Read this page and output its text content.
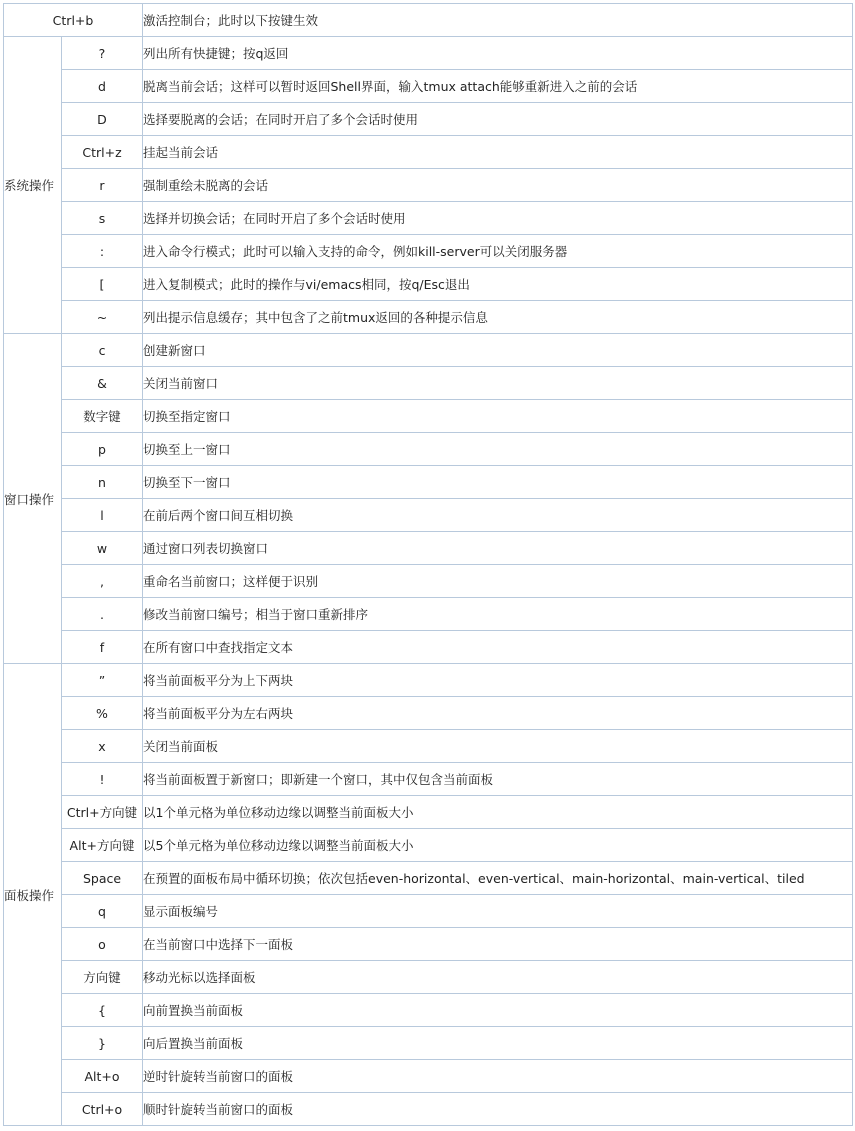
Ctrl+b		激活控制台；此时以下按键生效
系统操作	?	列出所有快捷键；按q返回
	d	脱离当前会话；这样可以暂时返回Shell界面，输入tmux attach能够重新进入之前的会话
	D	选择要脱离的会话；在同时开启了多个会话时使用
	Ctrl+z	挂起当前会话
	r	强制重绘未脱离的会话
	s	选择并切换会话；在同时开启了多个会话时使用
	:	进入命令行模式；此时可以输入支持的命令，例如kill-server可以关闭服务器
	[	进入复制模式；此时的操作与vi/emacs相同，按q/Esc退出
	~	列出提示信息缓存；其中包含了之前tmux返回的各种提示信息
窗口操作	c	创建新窗口
	&	关闭当前窗口
	数字键	切换至指定窗口
	p	切换至上一窗口
	n	切换至下一窗口
	l	在前后两个窗口间互相切换
	w	通过窗口列表切换窗口
	,	重命名当前窗口；这样便于识别
	.	修改当前窗口编号；相当于窗口重新排序
	f	在所有窗口中查找指定文本
面板操作	”	将当前面板平分为上下两块
	%	将当前面板平分为左右两块
	x	关闭当前面板
	!	将当前面板置于新窗口；即新建一个窗口，其中仅包含当前面板
	Ctrl+方向键	以1个单元格为单位移动边缘以调整当前面板大小
	Alt+方向键	以5个单元格为单位移动边缘以调整当前面板大小
	Space	在预置的面板布局中循环切换；依次包括even-horizontal、even-vertical、main-horizontal、main-vertical、tiled
	q	显示面板编号
	o	在当前窗口中选择下一面板
	方向键	移动光标以选择面板
	{	向前置换当前面板
	}	向后置换当前面板
	Alt+o	逆时针旋转当前窗口的面板
	Ctrl+o	顺时针旋转当前窗口的面板
